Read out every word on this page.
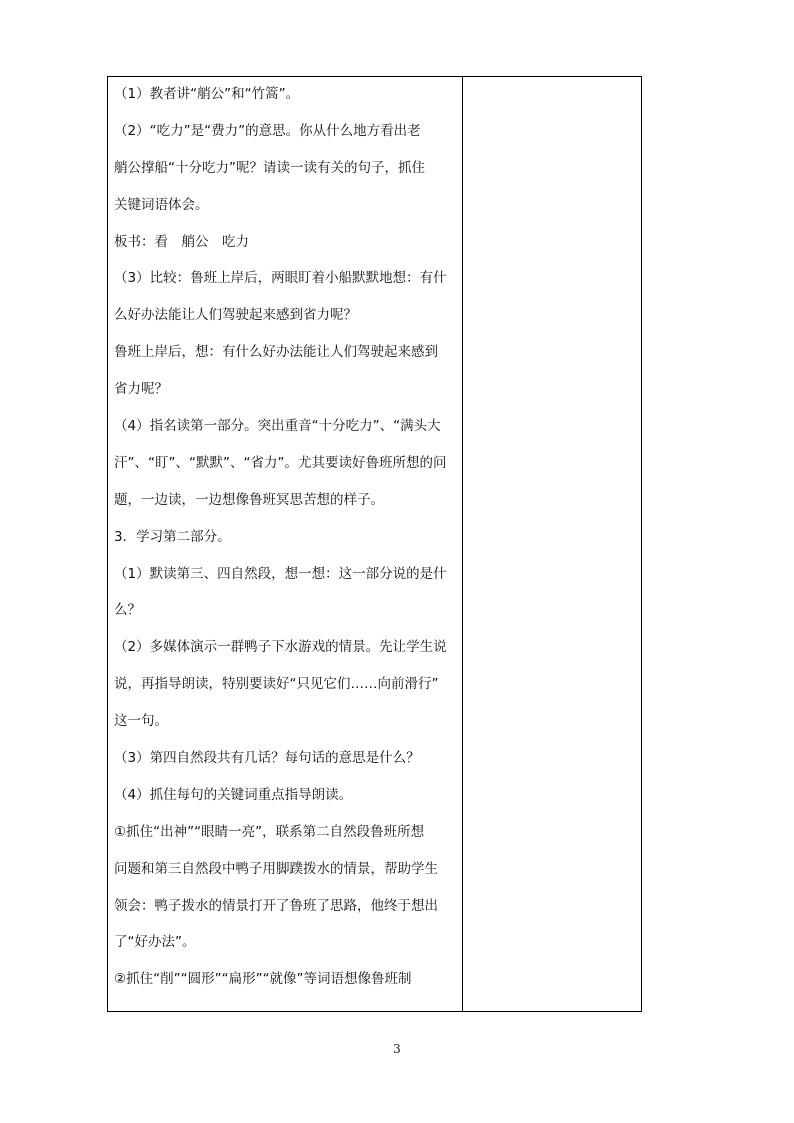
（1）教者讲“艄公”和“竹篙”。
（2）“吃力”是“费力”的意思。你从什么地方看出老
艄公撑船“十分吃力”呢？请读一读有关的句子，抓住
关键词语体会。
板书：看　艄公　吃力
（3）比较：鲁班上岸后，两眼盯着小船默默地想：有什
么好办法能让人们驾驶起来感到省力呢？
鲁班上岸后，想：有什么好办法能让人们驾驶起来感到
省力呢？
（4）指名读第一部分。突出重音“十分吃力”、“满头大
汗”、“盯”、“默默”、“省力”。尤其要读好鲁班所想的问
题，一边读，一边想像鲁班冥思苦想的样子。
3．学习第二部分。
（1）默读第三、四自然段，想一想：这一部分说的是什
么？
（2）多媒体演示一群鸭子下水游戏的情景。先让学生说
说，再指导朗读，特别要读好“只见它们……向前滑行”
这一句。
（3）第四自然段共有几话？每句话的意思是什么？
（4）抓住每句的关键词重点指导朗读。
①抓住“出神”“眼睛一亮”，联系第二自然段鲁班所想
问题和第三自然段中鸭子用脚蹼拨水的情景，帮助学生
领会：鸭子拨水的情景打开了鲁班了思路，他终于想出
了“好办法”。
②抓住“削”“圆形”“扁形”“就像”等词语想像鲁班制
3
